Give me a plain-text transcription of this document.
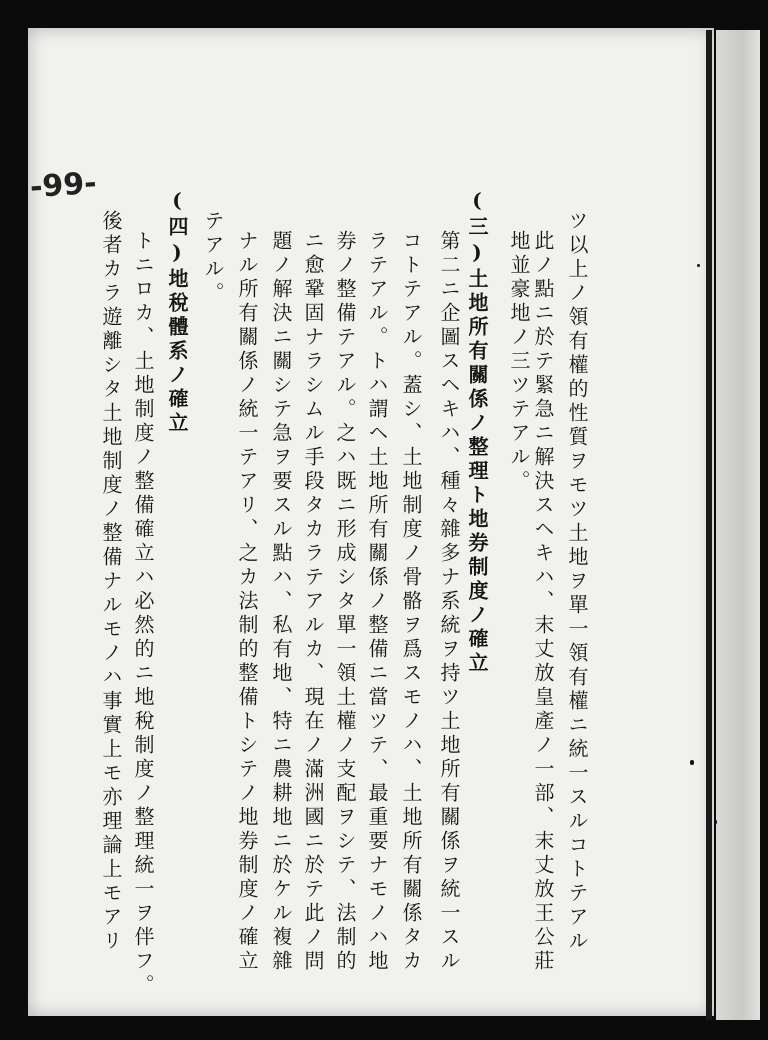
-99-
ツ以上ノ領有權的性質ヲモツ土地ヲ單一領有權ニ統一スルコトテアル
此ノ點ニ於テ緊急ニ解決スヘキハ、末丈放皇產ノ一部、末丈放王公莊
地並豪地ノ三ツテアル。
(三)土地所有關係ノ整理ト地券制度ノ確立
第二ニ企圖スヘキハ、種々雜多ナ系統ヲ持ツ土地所有關係ヲ統一スル
コトテアル。蓋シ、土地制度ノ骨骼ヲ爲スモノハ、土地所有關係タカ
ラテアル。トハ謂ヘ土地所有關係ノ整備ニ當ツテ、最重要ナモノハ地
券ノ整備テアル。之ハ既ニ形成シタ單一領土權ノ支配ヲシテ、法制的
ニ愈鞏固ナラシムル手段タカラテアルカ、現在ノ滿洲國ニ於テ此ノ問
題ノ解決ニ關シテ急ヲ要スル點ハ、私有地、特ニ農耕地ニ於ケル複雜
ナル所有關係ノ統一テアリ、之カ法制的整備トシテノ地券制度ノ確立
テアル。
(四)地稅體系ノ確立
トニロカ、土地制度ノ整備確立ハ必然的ニ地稅制度ノ整理統一ヲ伴フ。
後者カラ遊離シタ土地制度ノ整備ナルモノハ事實上モ亦理論上モアリ
